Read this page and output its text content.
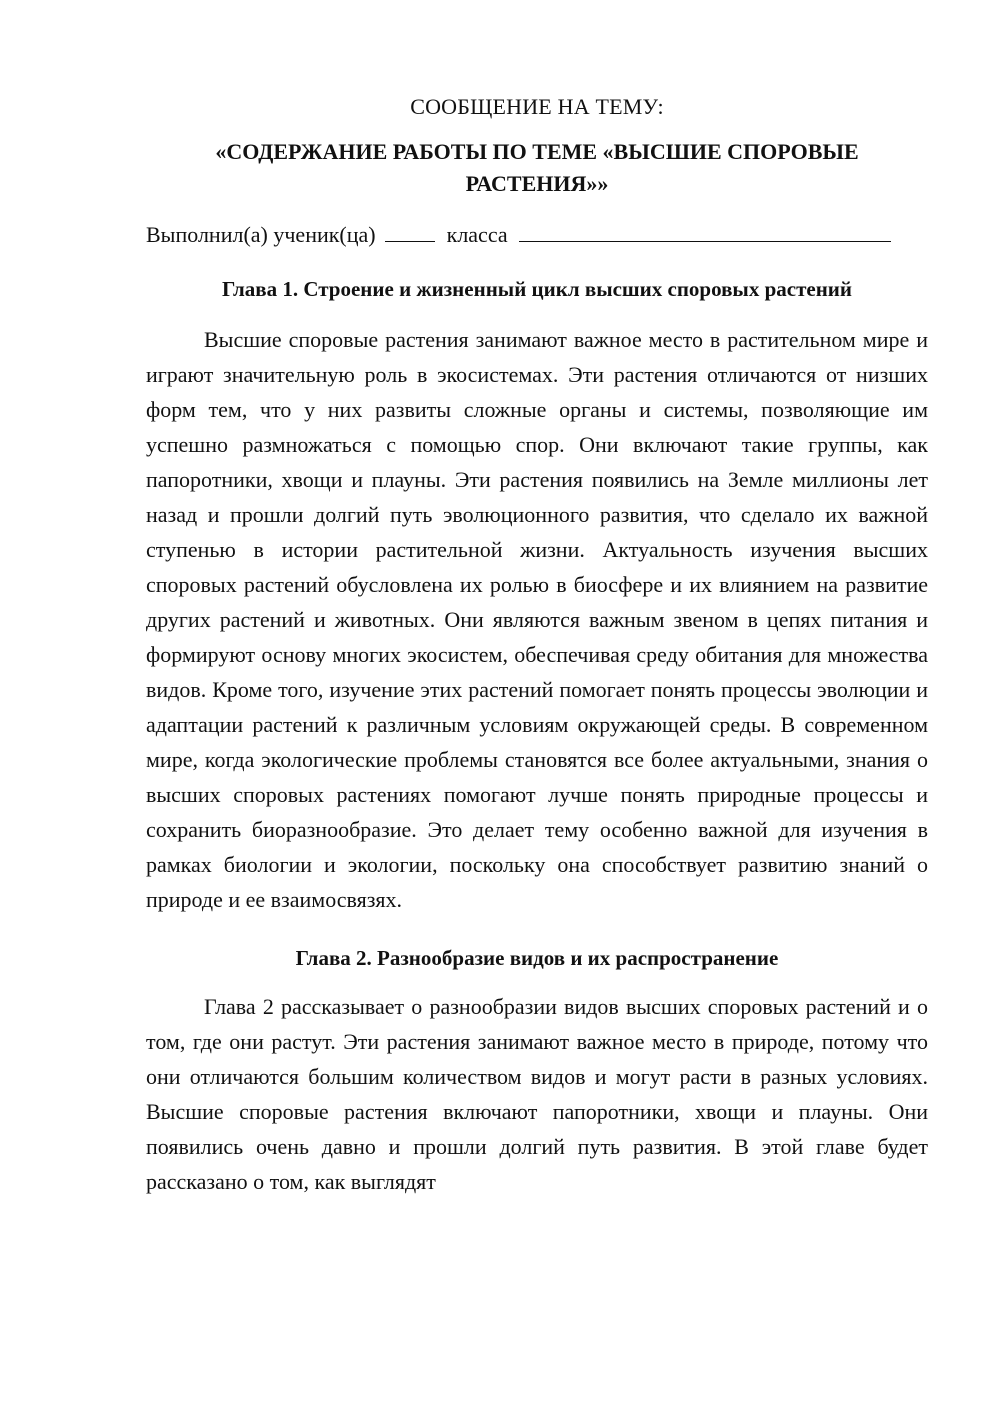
СООБЩЕНИЕ НА ТЕМУ:

«СОДЕРЖАНИЕ РАБОТЫ ПО ТЕМЕ «ВЫСШИЕ СПОРОВЫЕ РАСТЕНИЯ»»

Выполнил(а) ученик(ца)	класса

Глава 1. Строение и жизненный цикл высших споровых растений

Высшие споровые растения занимают важное место в растительном мире и играют значительную роль в экосистемах. Эти растения отличаются от низших форм тем, что у них развиты сложные органы и системы, позволяющие им успешно размножаться с помощью спор. Они включают такие группы, как папоротники, хвощи и плауны. Эти растения появились на Земле миллионы лет назад и прошли долгий путь эволюционного развития, что сделало их важной ступенью в истории растительной жизни. Актуальность изучения высших споровых растений обусловлена их ролью в биосфере и их влиянием на развитие других растений и животных. Они являются важным звеном в цепях питания и формируют основу многих экосистем, обеспечивая среду обитания для множества видов. Кроме того, изучение этих растений помогает понять процессы эволюции и адаптации растений к различным условиям окружающей среды. В современном мире, когда экологические проблемы становятся все более актуальными, знания о высших споровых растениях помогают лучше понять природные процессы и сохранить биоразнообразие. Это делает тему особенно важной для изучения в рамках биологии и экологии, поскольку она способствует развитию знаний о природе и ее взаимосвязях.

Глава 2. Разнообразие видов и их распространение

Глава 2 рассказывает о разнообразии видов высших споровых растений и о том, где они растут. Эти растения занимают важное место в природе, потому что они отличаются большим количеством видов и могут расти в разных условиях. Высшие споровые растения включают папоротники, хвощи и плауны. Они появились очень давно и прошли долгий путь развития. В этой главе будет рассказано о том, как выглядят
